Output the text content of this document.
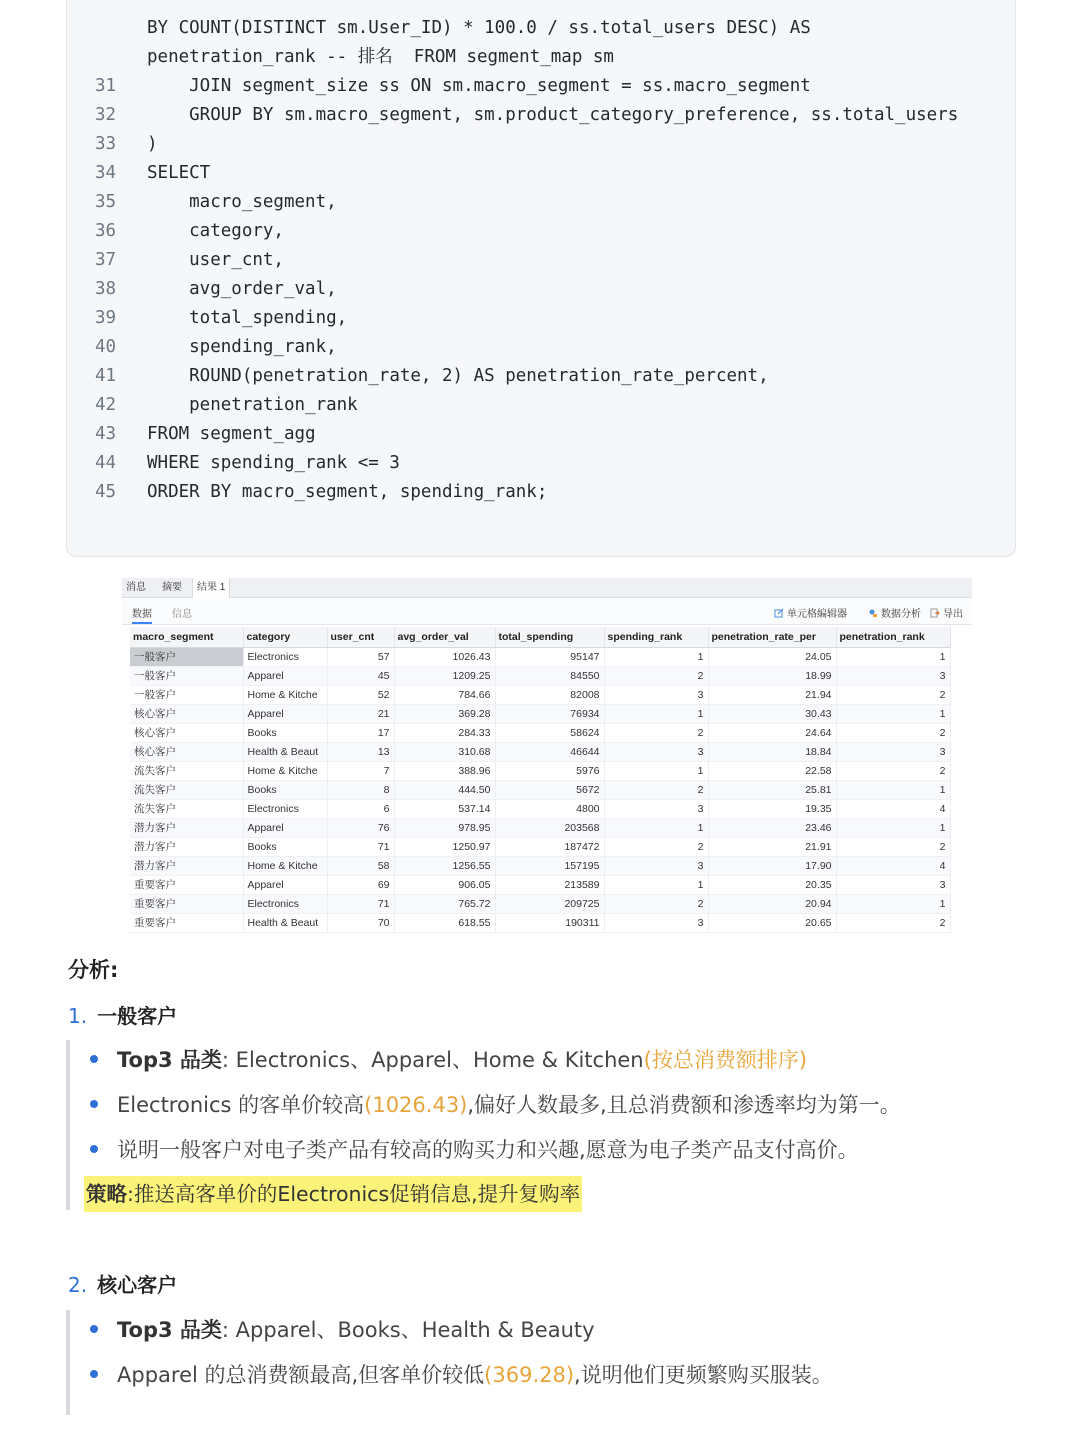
BY COUNT(DISTINCT sm.User_ID) * 100.0 / ss.total_users DESC) AS
penetration_rank -- 排名  FROM segment_map sm
31    JOIN segment_size ss ON sm.macro_segment = ss.macro_segment
32    GROUP BY sm.macro_segment, sm.product_category_preference, ss.total_users
33 )
34 SELECT
35    macro_segment,
36    category,
37    user_cnt,
38    avg_order_val,
39    total_spending,
40    spending_rank,
41    ROUND(penetration_rate, 2) AS penetration_rate_percent,
42    penetration_rank
43 FROM segment_agg
44 WHERE spending_rank <= 3
45 ORDER BY macro_segment, spending_rank;
消息	摘要	结果 1
数据 信息	单元格编辑器	数据分析 导出
macro_segment	category	user_cnt	avg_order_val	total_spending	spending_rank	penetration_rate_per	penetration_rank
一般客户	Electronics	57	1026.43	95147	1	24.05	1
一般客户	Apparel	45	1209.25	84550	2	18.99	3
一般客户	Home & Kitche	52	784.66	82008	3	21.94	2
核心客户	Apparel	21	369.28	76934	1	30.43	1
核心客户	Books	17	284.33	58624	2	24.64	2
核心客户	Health & Beaut	13	310.68	46644	3	18.84	3
流失客户	Home & Kitche	7	388.96	5976	1	22.58	2
流失客户	Books	8	444.50	5672	2	25.81	1
流失客户	Electronics	6	537.14	4800	3	19.35	4
潜力客户	Apparel	76	978.95	203568	1	23.46	1
潜力客户	Books	71	1250.97	187472	2	21.91	2
潜力客户	Home & Kitche	58	1256.55	157195	3	17.90	4
重要客户	Apparel	69	906.05	213589	1	20.35	3
重要客户	Electronics	71	765.72	209725	2	20.94	1
重要客户	Health & Beaut	70	618.55	190311	3	20.65	2
分析:
1. 一般客户
Top3 品类: Electronics、Apparel、Home & Kitchen(按总消费额排序)
Electronics 的客单价较高(1026.43),偏好人数最多,且总消费额和渗透率均为第一。
说明一般客户对电子类产品有较高的购买力和兴趣,愿意为电子类产品支付高价。
策略:推送高客单价的Electronics促销信息,提升复购率
2. 核心客户
Top3 品类: Apparel、Books、Health & Beauty
Apparel 的总消费额最高,但客单价较低(369.28),说明他们更频繁购买服装。
